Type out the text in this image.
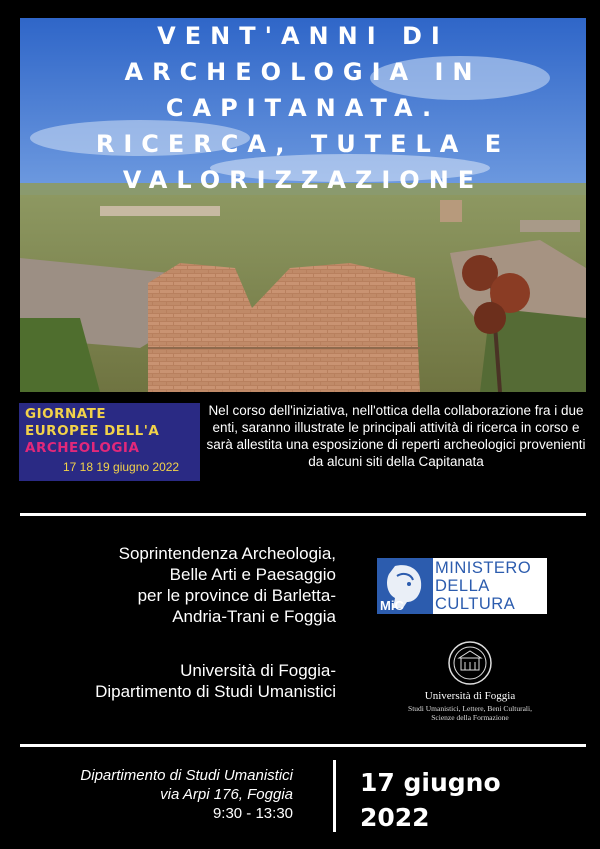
VENT'ANNI DI
ARCHEOLOGIA IN
CAPITANATA.
RICERCA, TUTELA E
VALORIZZAZIONE
GIORNATE
EUROPEE DELL'A
ARCHEOLOGIA
17 18 19 giugno 2022
Nel corso dell'iniziativa, nell'ottica della collaborazione fra i due enti, saranno illustrate le principali attività di ricerca in corso e sarà allestita una esposizione di reperti archeologici provenienti da alcuni siti della Capitanata
Soprintendenza Archeologia,
Belle Arti e Paesaggio
per le province di Barletta-
Andria-Trani e Foggia
Università di Foggia-
Dipartimento di Studi Umanistici
MiC
MINISTERO
DELLA
CULTURA
Università di Foggia
Studi Umanistici, Lettere, Beni Culturali,
Scienze della Formazione
Dipartimento di Studi Umanistici
via Arpi 176, Foggia
9:30 - 13:30
17 giugno
2022
